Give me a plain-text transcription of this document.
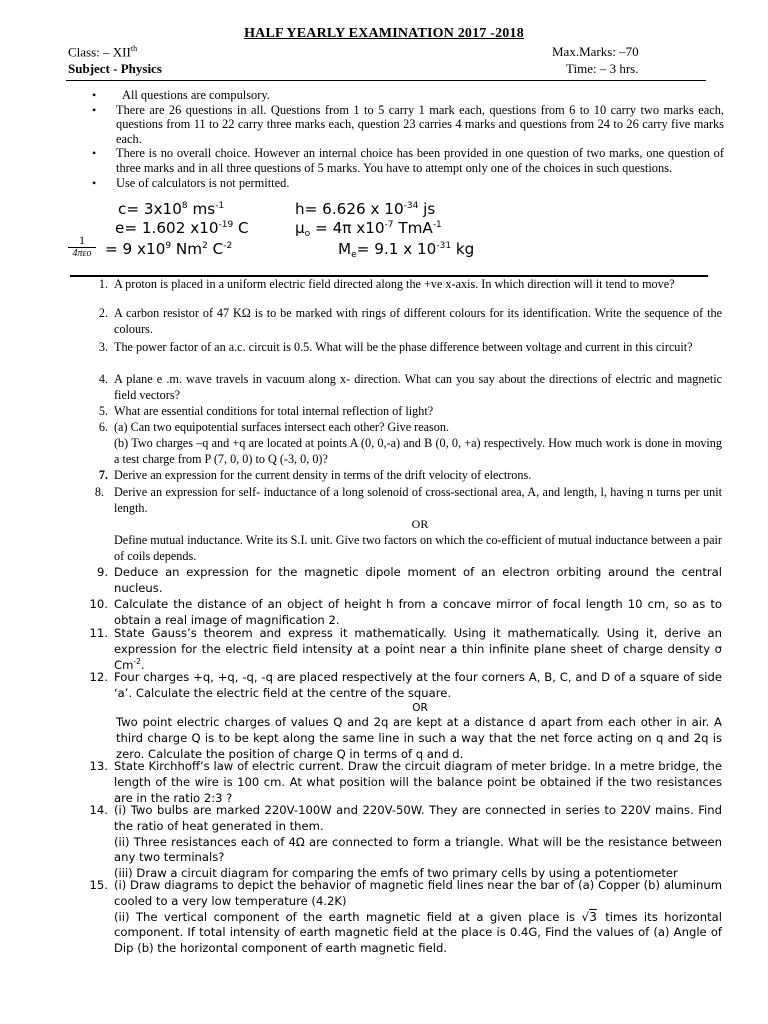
HALF YEARLY EXAMINATION 2017 -2018
Class: – XIIth	Max.Marks: –70
Subject - Physics	Time: – 3 hrs.
• All questions are compulsory.
• There are 26 questions in all. Questions from 1 to 5 carry 1 mark each, questions from 6 to 10 carry two marks each, questions from 11 to 22 carry three marks each, question 23 carries 4 marks and questions from 24 to 26 carry five marks each.
• There is no overall choice. However an internal choice has been provided in one question of two marks, one question of three marks and in all three questions of 5 marks. You have to attempt only one of the choices in such questions.
• Use of calculators is not permitted.
$c= 3x10^8$ $ms^{-1}$	h= 6.626 x $10^{-34}$ js
e= 1.602 $x10^{-19}$ C	$\mu_o = 4\pi$ $x10^{-7}$ TmA$^{-1}$
1
4πεo = 9 $x10^9$ Nm$^2$ $C^{-2}$	$M_e= 9.1$ x $10^{-31}$ kg
1. A proton is placed in a uniform electric field directed along the +ve x-axis. In which direction will it tend to move?
2. A carbon resistor of 47 KΩ is to be marked with rings of different colours for its identification. Write the sequence of the colours.
3. The power factor of an a.c. circuit is 0.5. What will be the phase difference between voltage and current in this circuit?
4. A plane e .m. wave travels in vacuum along x- direction. What can you say about the directions of electric and magnetic field vectors?
5. What are essential conditions for total internal reflection of light?
6. (a) Can two equipotential surfaces intersect each other? Give reason.
(b) Two charges –q and +q are located at points A (0, 0,-a) and B (0, 0, +a) respectively. How much work is done in moving a test charge from P (7, 0, 0) to Q (-3, 0, 0)?
7. Derive an expression for the current density in terms of the drift velocity of electrons.
8. Derive an expression for self- inductance of a long solenoid of cross-sectional area, A, and length, l, having n turns per unit length.
OR
Define mutual inductance. Write its S.I. unit. Give two factors on which the co-efficient of mutual inductance between a pair of coils depends.
9. Deduce an expression for the magnetic dipole moment of an electron orbiting around the central nucleus.
10. Calculate the distance of an object of height h from a concave mirror of focal length 10 cm, so as to obtain a real image of magnification 2.
11. State Gauss’s theorem and express it mathematically. Using it mathematically. Using it, derive an expression for the electric field intensity at a point near a thin infinite plane sheet of charge density σ $Cm^{-2}$.
12. Four charges +q, +q, -q, -q are placed respectively at the four corners A, B, C, and D of a square of side ‘a’. Calculate the electric field at the centre of the square.
OR
Two point electric charges of values Q and 2q are kept at a distance d apart from each other in air. A third charge Q is to be kept along the same line in such a way that the net force acting on q and 2q is zero. Calculate the position of charge Q in terms of q and d.
13. State Kirchhoff’s law of electric current. Draw the circuit diagram of meter bridge. In a metre bridge, the length of the wire is 100 cm. At what position will the balance point be obtained if the two resistances are in the ratio 2:3 ?
14. (i) Two bulbs are marked 220V-100W and 220V-50W. They are connected in series to 220V mains. Find the ratio of heat generated in them.
(ii) Three resistances each of 4Ω are connected to form a triangle. What will be the resistance between any two terminals?
(iii) Draw a circuit diagram for comparing the emfs of two primary cells by using a potentiometer
15. (i) Draw diagrams to depict the behavior of magnetic field lines near the bar of (a) Copper (b) aluminum cooled to a very low temperature (4.2K)
(ii) The vertical component of the earth magnetic field at a given place is √3 times its horizontal component. If total intensity of earth magnetic field at the place is 0.4G, Find the values of (a) Angle of Dip (b) the horizontal component of earth magnetic field.
